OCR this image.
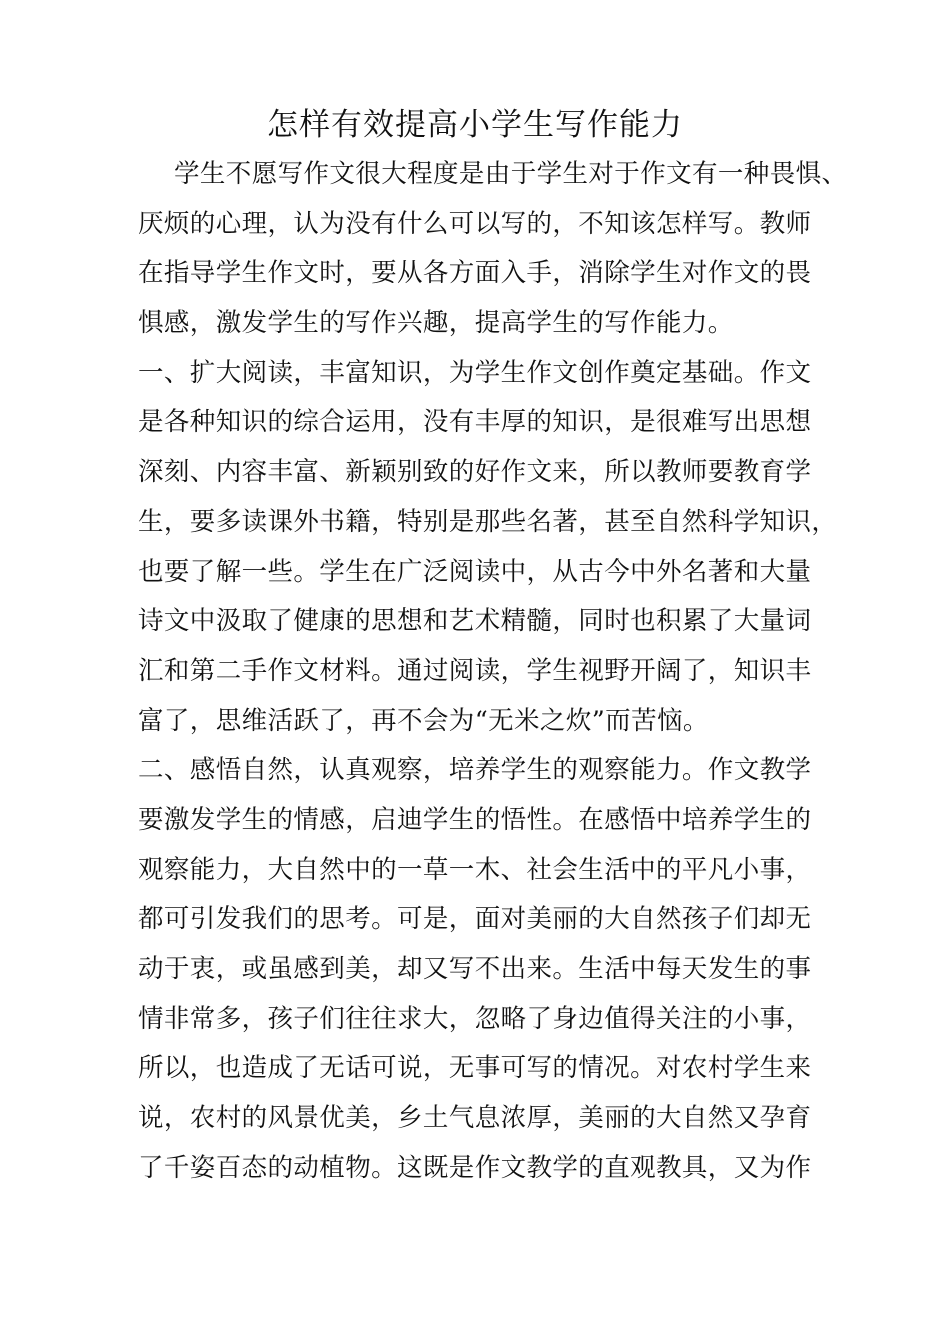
怎样有效提高小学生写作能力
学生不愿写作文很大程度是由于学生对于作文有一种畏惧、
厌烦的心理，认为没有什么可以写的，不知该怎样写。教师
在指导学生作文时，要从各方面入手，消除学生对作文的畏
惧感，激发学生的写作兴趣，提高学生的写作能力。
一、扩大阅读，丰富知识，为学生作文创作奠定基础。作文
是各种知识的综合运用，没有丰厚的知识，是很难写出思想
深刻、内容丰富、新颖别致的好作文来，所以教师要教育学
生，要多读课外书籍，特别是那些名著，甚至自然科学知识，
也要了解一些。学生在广泛阅读中，从古今中外名著和大量
诗文中汲取了健康的思想和艺术精髓，同时也积累了大量词
汇和第二手作文材料。通过阅读，学生视野开阔了，知识丰
富了，思维活跃了，再不会为“无米之炊”而苦恼。
二、感悟自然，认真观察，培养学生的观察能力。作文教学
要激发学生的情感，启迪学生的悟性。在感悟中培养学生的
观察能力，大自然中的一草一木、社会生活中的平凡小事，
都可引发我们的思考。可是，面对美丽的大自然孩子们却无
动于衷，或虽感到美，却又写不出来。生活中每天发生的事
情非常多，孩子们往往求大，忽略了身边值得关注的小事，
所以，也造成了无话可说，无事可写的情况。对农村学生来
说，农村的风景优美，乡土气息浓厚，美丽的大自然又孕育
了千姿百态的动植物。这既是作文教学的直观教具，又为作
